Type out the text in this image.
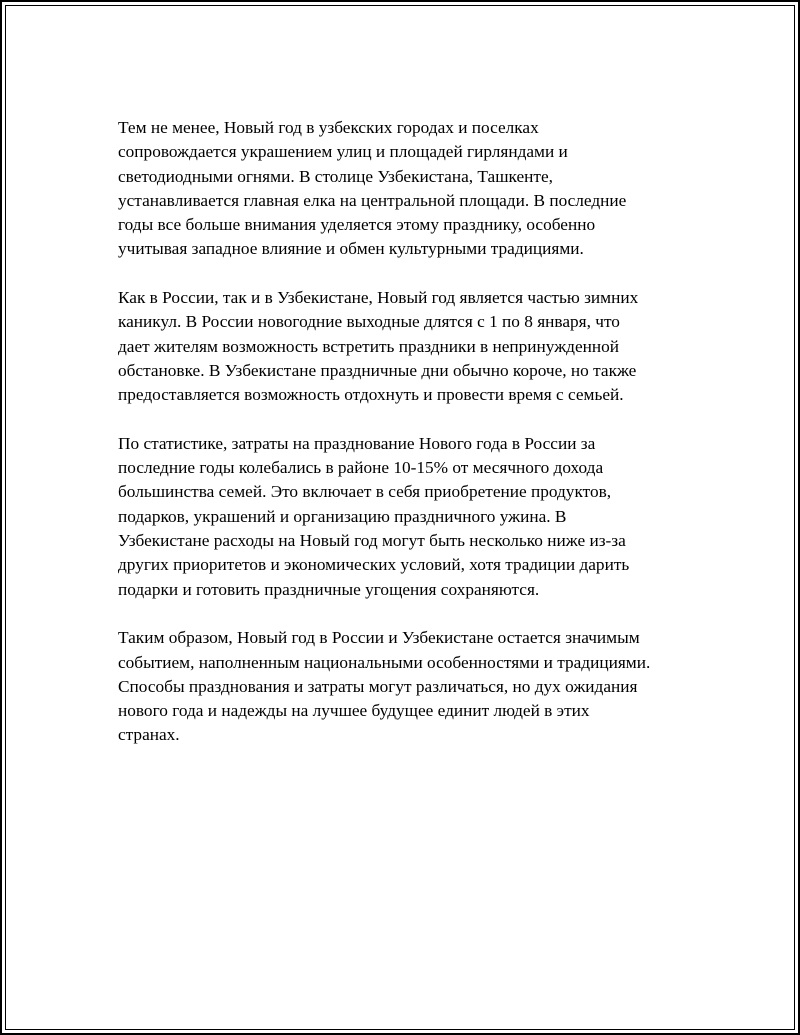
Тем не менее, Новый год в узбекских городах и поселках
сопровождается украшением улиц и площадей гирляндами и
светодиодными огнями. В столице Узбекистана, Ташкенте,
устанавливается главная елка на центральной площади. В последние
годы все больше внимания уделяется этому празднику, особенно
учитывая западное влияние и обмен культурными традициями.

Как в России, так и в Узбекистане, Новый год является частью зимних
каникул. В России новогодние выходные длятся с 1 по 8 января, что
дает жителям возможность встретить праздники в непринужденной
обстановке. В Узбекистане праздничные дни обычно короче, но также
предоставляется возможность отдохнуть и провести время с семьей.

По статистике, затраты на празднование Нового года в России за
последние годы колебались в районе 10-15% от месячного дохода
большинства семей. Это включает в себя приобретение продуктов,
подарков, украшений и организацию праздничного ужина. В
Узбекистане расходы на Новый год могут быть несколько ниже из-за
других приоритетов и экономических условий, хотя традиции дарить
подарки и готовить праздничные угощения сохраняются.

Таким образом, Новый год в России и Узбекистане остается значимым
событием, наполненным национальными особенностями и традициями.
Способы празднования и затраты могут различаться, но дух ожидания
нового года и надежды на лучшее будущее единит людей в этих
странах.
